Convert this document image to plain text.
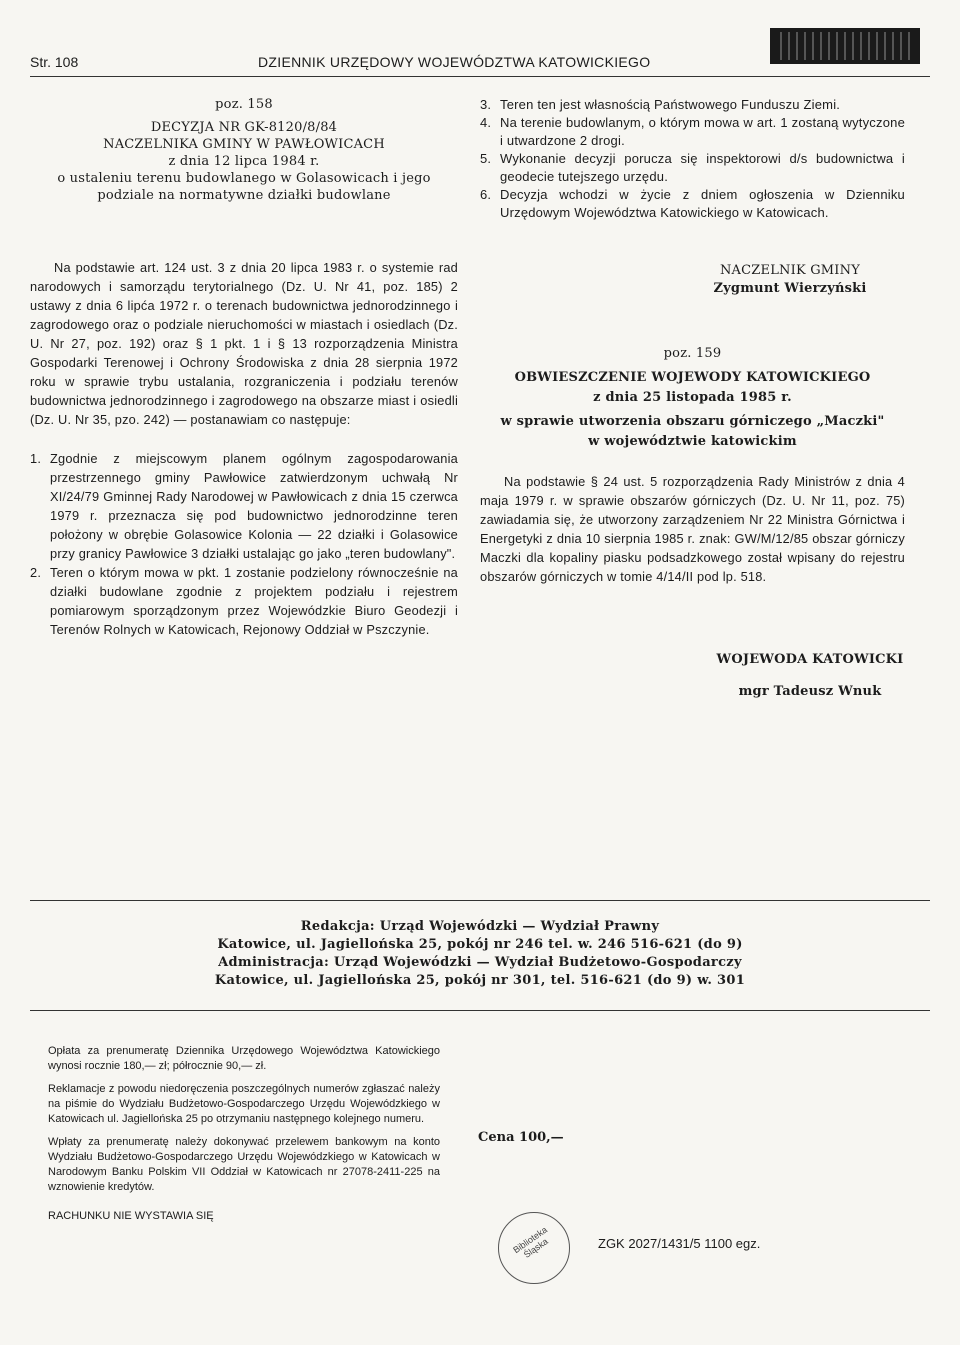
Str. 108	DZIENNIK URZĘDOWY WOJEWÓDZTWA KATOWICKIEGO
poz. 158
DECYZJA NR GK-8120/8/84
NACZELNIKA GMINY W PAWŁOWICACH
z dnia 12 lipca 1984 r.
o ustaleniu terenu budowlanego w Golasowicach i jego
podziale na normatywne działki budowlane
3. Teren ten jest własnością Państwowego Funduszu Ziemi.
4. Na terenie budowlanym, o którym mowa w art. 1 zostaną wytyczone i utwardzone 2 drogi.
5. Wykonanie decyzji porucza się inspektorowi d/s budownictwa i geodecie tutejszego urzędu.
6. Decyzja wchodzi w życie z dniem ogłoszenia w Dzienniku Urzędowym Województwa Katowickiego w Katowicach.

Na podstawie art. 124 ust. 3 z dnia 20 lipca 1983 r. o systemie rad narodowych i samorządu terytorialnego (Dz. U. Nr 41, poz. 185) 2 ustawy z dnia 6 lipća 1972 r. o terenach budownictwa jednorodzinnego i zagrodowego oraz o podziale nieruchomości w miastach i osiedlach (Dz. U. Nr 27, poz. 192) oraz § 1 pkt. 1 i § 13 rozporządzenia Ministra Gospodarki Terenowej i Ochrony Środowiska z dnia 28 sierpnia 1972 roku w sprawie trybu ustalania, rozgraniczenia i podziału terenów budownictwa jednorodzinnego i zagrodowego na obszarze miast i osiedli (Dz. U. Nr 35, pzo. 242) — postanawiam co następuje:

1. Zgodnie z miejscowym planem ogólnym zagospodarowania przestrzennego gminy Pawłowice zatwierdzonym uchwałą Nr XI/24/79 Gminnej Rady Narodowej w Pawłowicach z dnia 15 czerwca 1979 r. przeznacza się pod budownictwo jednorodzinne teren położony w obrębie Golasowice Kolonia — 22 działki i Golasowice przy granicy Pawłowice 3 działki ustalając go jako „teren budowlany".
2. Teren o którym mowa w pkt. 1 zostanie podzielony równocześnie na działki budowlane zgodnie z projektem podziału i rejestrem pomiarowym sporządzonym przez Wojewódzkie Biuro Geodezji i Terenów Rolnych w Katowicach, Rejonowy Oddział w Pszczynie.
NACZELNIK GMINY
Zygmunt Wierzyński
poz. 159
OBWIESZCZENIE WOJEWODY KATOWICKIEGO
z dnia 25 listopada 1985 r.
w sprawie utworzenia obszaru górniczego „Maczki"
w województwie katowickim

Na podstawie § 24 ust. 5 rozporządzenia Rady Ministrów z dnia 4 maja 1979 r. w sprawie obszarów górniczych (Dz. U. Nr 11, poz. 75) zawiadamia się, że utworzony zarządzeniem Nr 22 Ministra Górnictwa i Energetyki z dnia 10 sierpnia 1985 r. znak: GW/M/12/85 obszar górniczy Maczki dla kopaliny piasku podsadzkowego został wpisany do rejestru obszarów górniczych w tomie 4/14/II pod lp. 518.

WOJEWODA KATOWICKI
mgr Tadeusz Wnuk
Redakcja: Urząd Wojewódzki — Wydział Prawny
Katowice, ul. Jagiellońska 25, pokój nr 246 tel. w. 246 516-621 (do 9)
Administracja: Urząd Wojewódzki — Wydział Budżetowo-Gospodarczy
Katowice, ul. Jagiellońska 25, pokój nr 301, tel. 516-621 (do 9) w. 301

Opłata za prenumeratę Dziennika Urzędowego Województwa Katowickiego wynosi rocznie 180,— zł; półrocznie 90,— zł.

Reklamacje z powodu niedoręczenia poszczególnych numerów zgłaszać należy na piśmie do Wydziału Budżetowo-Gospodarczego Urzędu Wojewódzkiego w Katowicach ul. Jagiellońska 25 po otrzymaniu następnego kolejnego numeru.

Wpłaty za prenumeratę należy dokonywać przelewem bankowym na konto Wydziału Budżetowo-Gospodarczego Urzędu Wojewódzkiego w Katowicach w Narodowym Banku Polskim VII Oddział w Katowicach nr 27078-2411-225 na wznowienie kredytów.

RACHUNKU NIE WYSTAWIA SIĘ

Cena 100,—
Biblioteka Śląska	ZGK 2027/1431/5 1100 egz.
